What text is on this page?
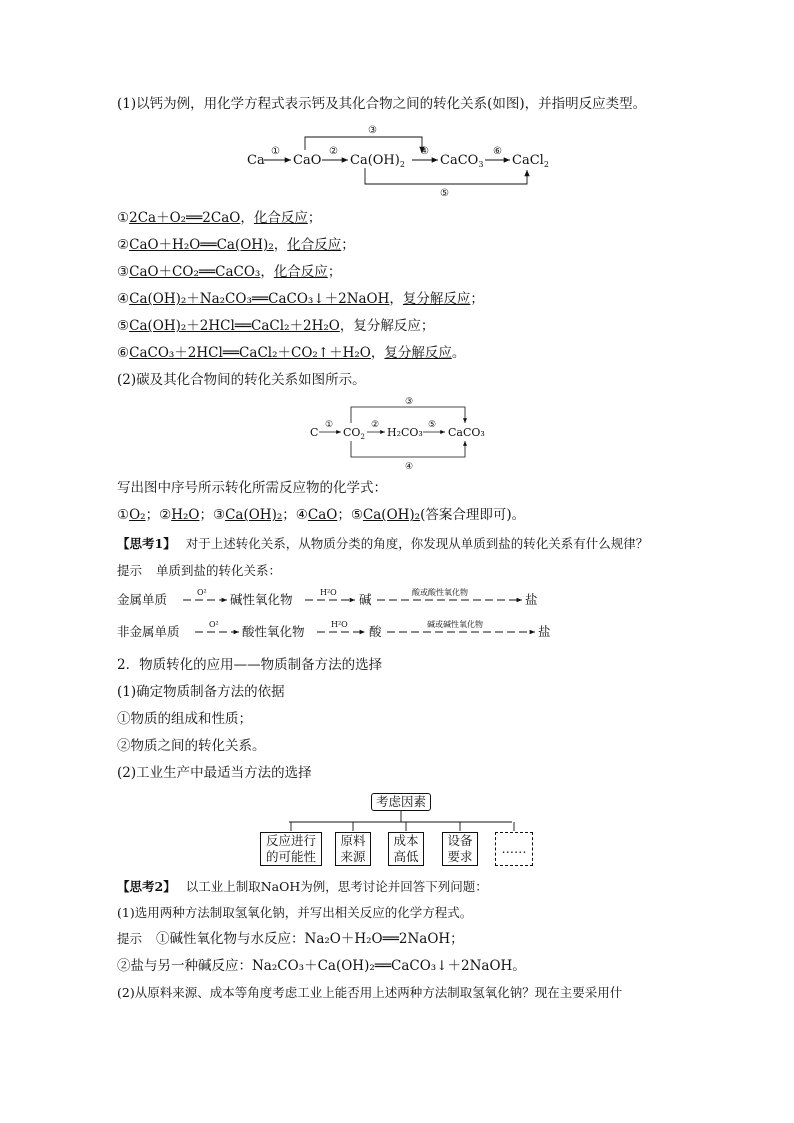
(1)以钙为例，用化学方程式表示钙及其化合物之间的转化关系(如图)，并指明反应类型。
Ca
①
CaO
②
$Ca(OH)_2$
④
CaCO$_3$
⑥
CaCl$_2$
③
⑤
①2Ca＋O₂══2CaO，化合反应；
②CaO＋H₂O══Ca(OH)₂，化合反应；
③CaO＋CO₂══CaCO₃，化合反应；
④Ca(OH)₂＋Na₂CO₃══CaCO₃↓＋2NaOH，复分解反应；
⑤Ca(OH)₂＋2HCl══CaCl₂＋2H₂O，复分解反应；
⑥CaCO₃＋2HCl══CaCl₂＋CO₂↑＋H₂O，复分解反应。
(2)碳及其化合物间的转化关系如图所示。
C
①
$CO_2$
②
H₂CO₃
⑤
CaCO₃
③
④
写出图中序号所示转化所需反应物的化学式：
①O₂；②H₂O；③Ca(OH)₂；④CaO；⑤Ca(OH)₂(答案合理即可)。
【思考1】 对于上述转化关系，从物质分类的角度，你发现从单质到盐的转化关系有什么规律？
提示 单质到盐的转化关系：
金属单质	O² 碱性氧化物	H²O 碱	酸或酸性氧化物	盐
非金属单质	O² 酸性氧化物	H²O 酸	碱或碱性氧化物	盐
2．物质转化的应用——物质制备方法的选择
(1)确定物质制备方法的依据
①物质的组成和性质；
②物质之间的转化关系。
(2)工业生产中最适当方法的选择
考虑因素
反应进行
的可能性
原料
来源
成本
高低
设备
要求
……
【思考2】 以工业上制取NaOH为例，思考讨论并回答下列问题：
(1)选用两种方法制取氢氧化钠，并写出相关反应的化学方程式。
提示 ①碱性氧化物与水反应：Na₂O＋H₂O══2NaOH；
②盐与另一种碱反应：Na₂CO₃＋Ca(OH)₂══CaCO₃↓＋2NaOH。
(2)从原料来源、成本等角度考虑工业上能否用上述两种方法制取氢氧化钠？现在主要采用什
